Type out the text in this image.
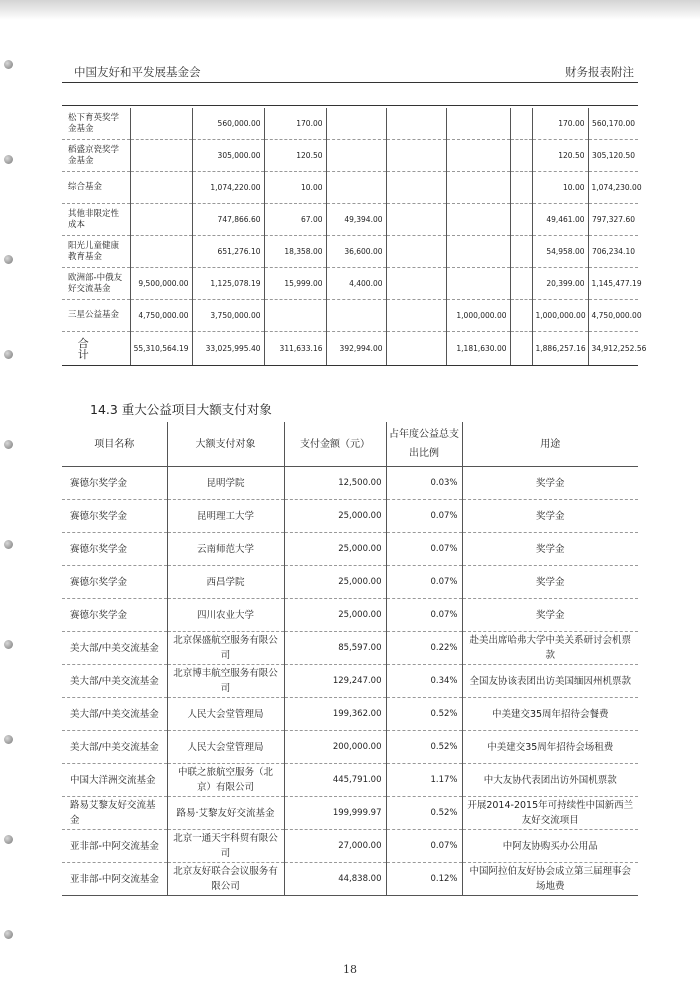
中国友好和平发展基金会	财务报表附注
松下育英奖学金基金		560,000.00	170.00					170.00	560,170.00
稻盛京瓷奖学金基金		305,000.00	120.50					120.50	305,120.50
综合基金		1,074,220.00	10.00					10.00	1,074,230.00
其他非限定性成本		747,866.60	67.00	49,394.00				49,461.00	797,327.60
阳光儿童健康教育基金		651,276.10	18,358.00	36,600.00				54,958.00	706,234.10
欧洲部-中俄友好交流基金	9,500,000.00	1,125,078.19	15,999.00	4,400.00				20,399.00	1,145,477.19
三星公益基金	4,750,000.00	3,750,000.00				1,000,000.00		1,000,000.00	4,750,000.00
合 计	55,310,564.19	33,025,995.40	311,633.16	392,994.00		1,181,630.00		1,886,257.16	34,912,252.56
14.3 重大公益项目大额支付对象
项目名称	大额支付对象	支付金额（元）	占年度公益总支出比例	用途
赛德尔奖学金	昆明学院	12,500.00	0.03%	奖学金
赛德尔奖学金	昆明理工大学	25,000.00	0.07%	奖学金
赛德尔奖学金	云南师范大学	25,000.00	0.07%	奖学金
赛德尔奖学金	西昌学院	25,000.00	0.07%	奖学金
赛德尔奖学金	四川农业大学	25,000.00	0.07%	奖学金
美大部/中美交流基金	北京保盛航空服务有限公司	85,597.00	0.22%	赴美出席哈弗大学中美关系研讨会机票款
美大部/中美交流基金	北京博丰航空服务有限公司	129,247.00	0.34%	全国友协该表团出访美国缅因州机票款
美大部/中美交流基金	人民大会堂管理局	199,362.00	0.52%	中美建交35周年招待会餐费
美大部/中美交流基金	人民大会堂管理局	200,000.00	0.52%	中美建交35周年招待会场租费
中国大洋洲交流基金	中联之旅航空服务（北京）有限公司	445,791.00	1.17%	中大友协代表团出访外国机票款
路易艾黎友好交流基金	路易·艾黎友好交流基金	199,999.97	0.52%	开展2014-2015年可持续性中国新西兰友好交流项目
亚非部-中阿交流基金	北京一通天宇科贸有限公司	27,000.00	0.07%	中阿友协购买办公用品
亚非部-中阿交流基金	北京友好联合会议服务有限公司	44,838.00	0.12%	中国阿拉伯友好协会成立第三届理事会场地费
18
